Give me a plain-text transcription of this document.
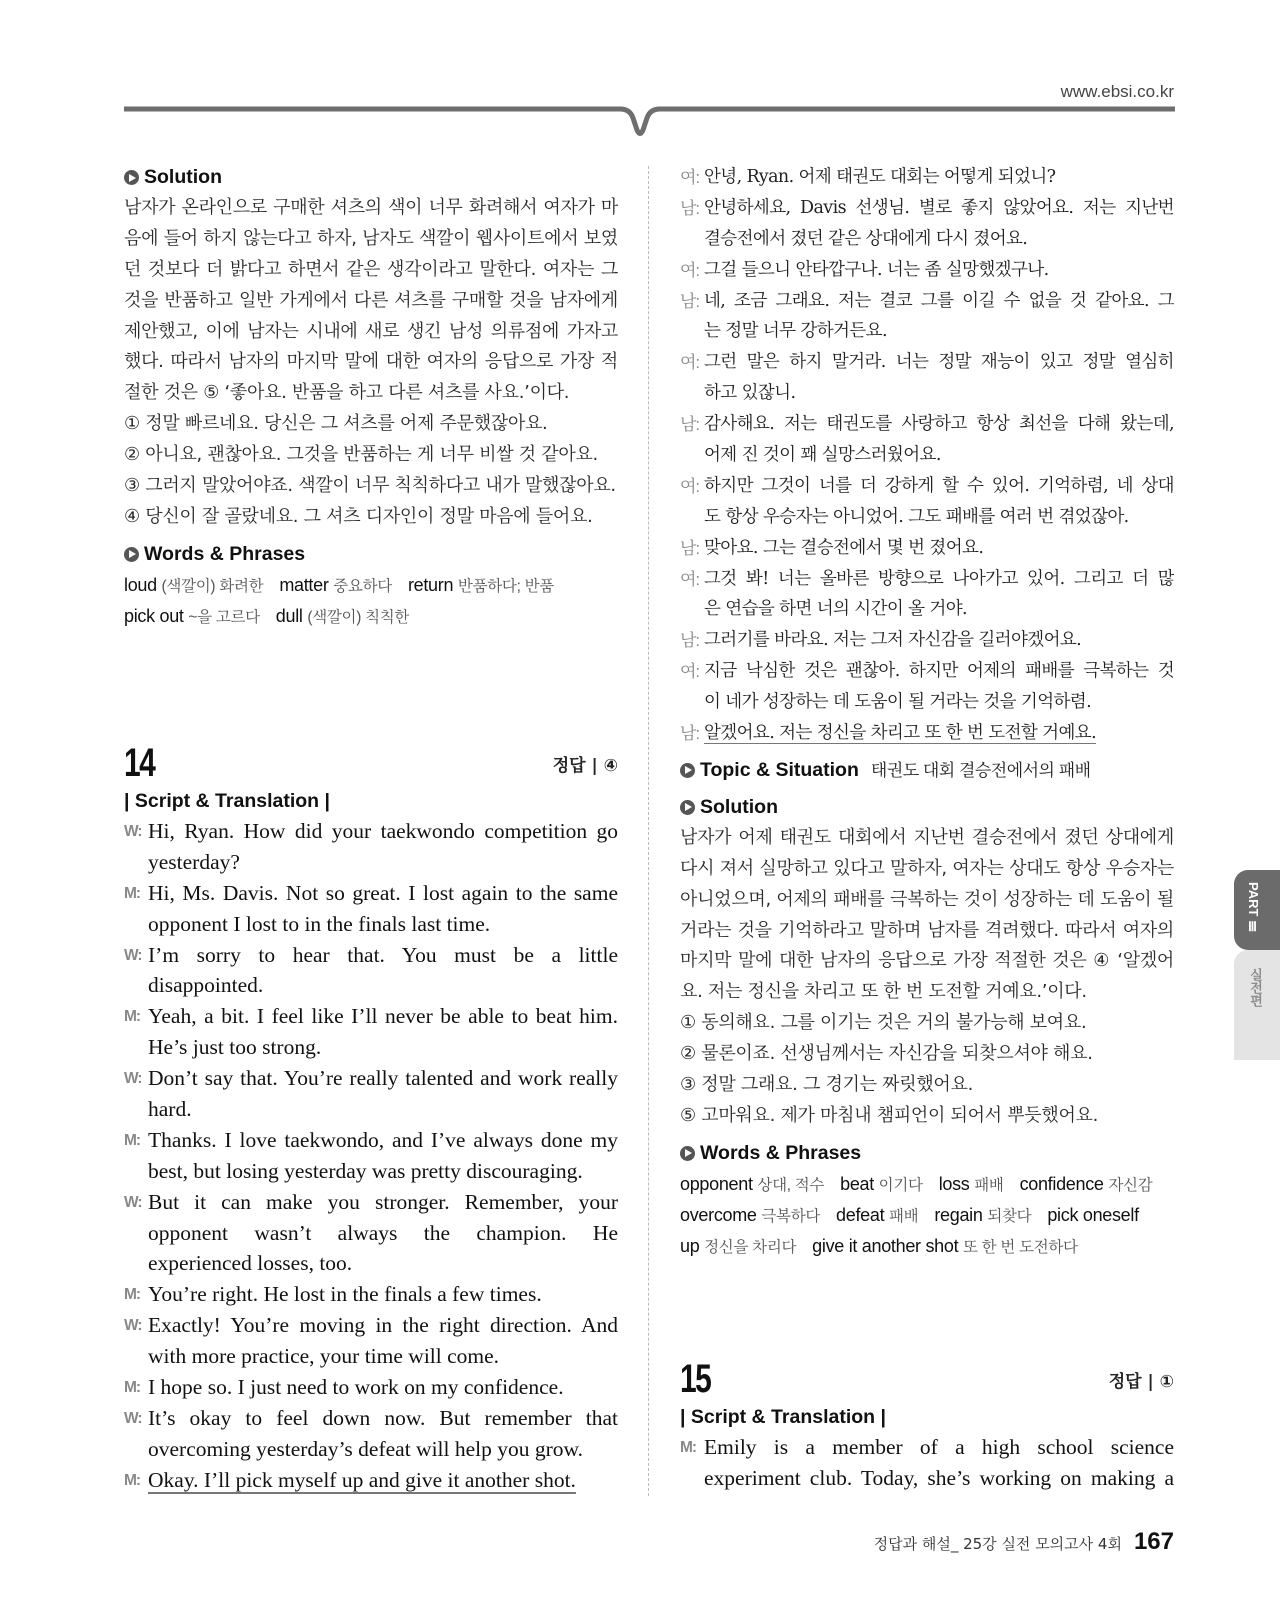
www.ebsi.co.kr
Solution
남자가 온라인으로 구매한 셔츠의 색이 너무 화려해서 여자가 마
음에 들어 하지 않는다고 하자, 남자도 색깔이 웹사이트에서 보였
던 것보다 더 밝다고 하면서 같은 생각이라고 말한다. 여자는 그
것을 반품하고 일반 가게에서 다른 셔츠를 구매할 것을 남자에게
제안했고, 이에 남자는 시내에 새로 생긴 남성 의류점에 가자고
했다. 따라서 남자의 마지막 말에 대한 여자의 응답으로 가장 적
절한 것은 ⑤ ‘좋아요. 반품을 하고 다른 셔츠를 사요.’이다.
① 정말 빠르네요. 당신은 그 셔츠를 어제 주문했잖아요.
② 아니요, 괜찮아요. 그것을 반품하는 게 너무 비쌀 것 같아요.
③ 그러지 말았어야죠. 색깔이 너무 칙칙하다고 내가 말했잖아요.
④ 당신이 잘 골랐네요. 그 셔츠 디자인이 정말 마음에 들어요.
Words & Phrases
loud (색깔이) 화려한 matter 중요하다 return 반품하다; 반품
pick out ~을 고르다 dull (색깔이) 칙칙한
14	정답 | ④
| Script & Translation |
W: Hi, Ryan. How did your taekwondo competition go
yesterday?
M: Hi, Ms. Davis. Not so great. I lost again to the same
opponent I lost to in the finals last time.
W: I’m sorry to hear that. You must be a little
disappointed.
M: Yeah, a bit. I feel like I’ll never be able to beat him.
He’s just too strong.
W: Don’t say that. You’re really talented and work really
hard.
M: Thanks. I love taekwondo, and I’ve always done my
best, but losing yesterday was pretty discouraging.
W: But it can make you stronger. Remember, your
opponent wasn’t always the champion. He
experienced losses, too.
M: You’re right. He lost in the finals a few times.
W: Exactly! You’re moving in the right direction. And
with more practice, your time will come.
M: I hope so. I just need to work on my confidence.
W: It’s okay to feel down now. But remember that
overcoming yesterday’s defeat will help you grow.
M: Okay. I’ll pick myself up and give it another shot.
여: 안녕, Ryan. 어제 태권도 대회는 어떻게 되었니?
남: 안녕하세요, Davis 선생님. 별로 좋지 않았어요. 저는 지난번
결승전에서 졌던 같은 상대에게 다시 졌어요.
여: 그걸 들으니 안타깝구나. 너는 좀 실망했겠구나.
남: 네, 조금 그래요. 저는 결코 그를 이길 수 없을 것 같아요. 그
는 정말 너무 강하거든요.
여: 그런 말은 하지 말거라. 너는 정말 재능이 있고 정말 열심히
하고 있잖니.
남: 감사해요. 저는 태권도를 사랑하고 항상 최선을 다해 왔는데,
어제 진 것이 꽤 실망스러웠어요.
여: 하지만 그것이 너를 더 강하게 할 수 있어. 기억하렴, 네 상대
도 항상 우승자는 아니었어. 그도 패배를 여러 번 겪었잖아.
남: 맞아요. 그는 결승전에서 몇 번 졌어요.
여: 그것 봐! 너는 올바른 방향으로 나아가고 있어. 그리고 더 많
은 연습을 하면 너의 시간이 올 거야.
남: 그러기를 바라요. 저는 그저 자신감을 길러야겠어요.
여: 지금 낙심한 것은 괜찮아. 하지만 어제의 패배를 극복하는 것
이 네가 성장하는 데 도움이 될 거라는 것을 기억하렴.
남: 알겠어요. 저는 정신을 차리고 또 한 번 도전할 거예요.
Topic & Situation 태권도 대회 결승전에서의 패배
Solution
남자가 어제 태권도 대회에서 지난번 결승전에서 졌던 상대에게
다시 져서 실망하고 있다고 말하자, 여자는 상대도 항상 우승자는
아니었으며, 어제의 패배를 극복하는 것이 성장하는 데 도움이 될
거라는 것을 기억하라고 말하며 남자를 격려했다. 따라서 여자의
마지막 말에 대한 남자의 응답으로 가장 적절한 것은 ④ ‘알겠어
요. 저는 정신을 차리고 또 한 번 도전할 거예요.’이다.
① 동의해요. 그를 이기는 것은 거의 불가능해 보여요.
② 물론이죠. 선생님께서는 자신감을 되찾으셔야 해요.
③ 정말 그래요. 그 경기는 짜릿했어요.
⑤ 고마워요. 제가 마침내 챔피언이 되어서 뿌듯했어요.
Words & Phrases
opponent 상대, 적수 beat 이기다 loss 패배 confidence 자신감
overcome 극복하다 defeat 패배 regain 되찾다 pick oneself
up 정신을 차리다 give it another shot 또 한 번 도전하다
15	정답 | ①
| Script & Translation |
M: Emily is a member of a high school science
experiment club. Today, she’s working on making a
PART Ⅲ
실전편
정답과 해설_ 25강 실전 모의고사 4회 167
